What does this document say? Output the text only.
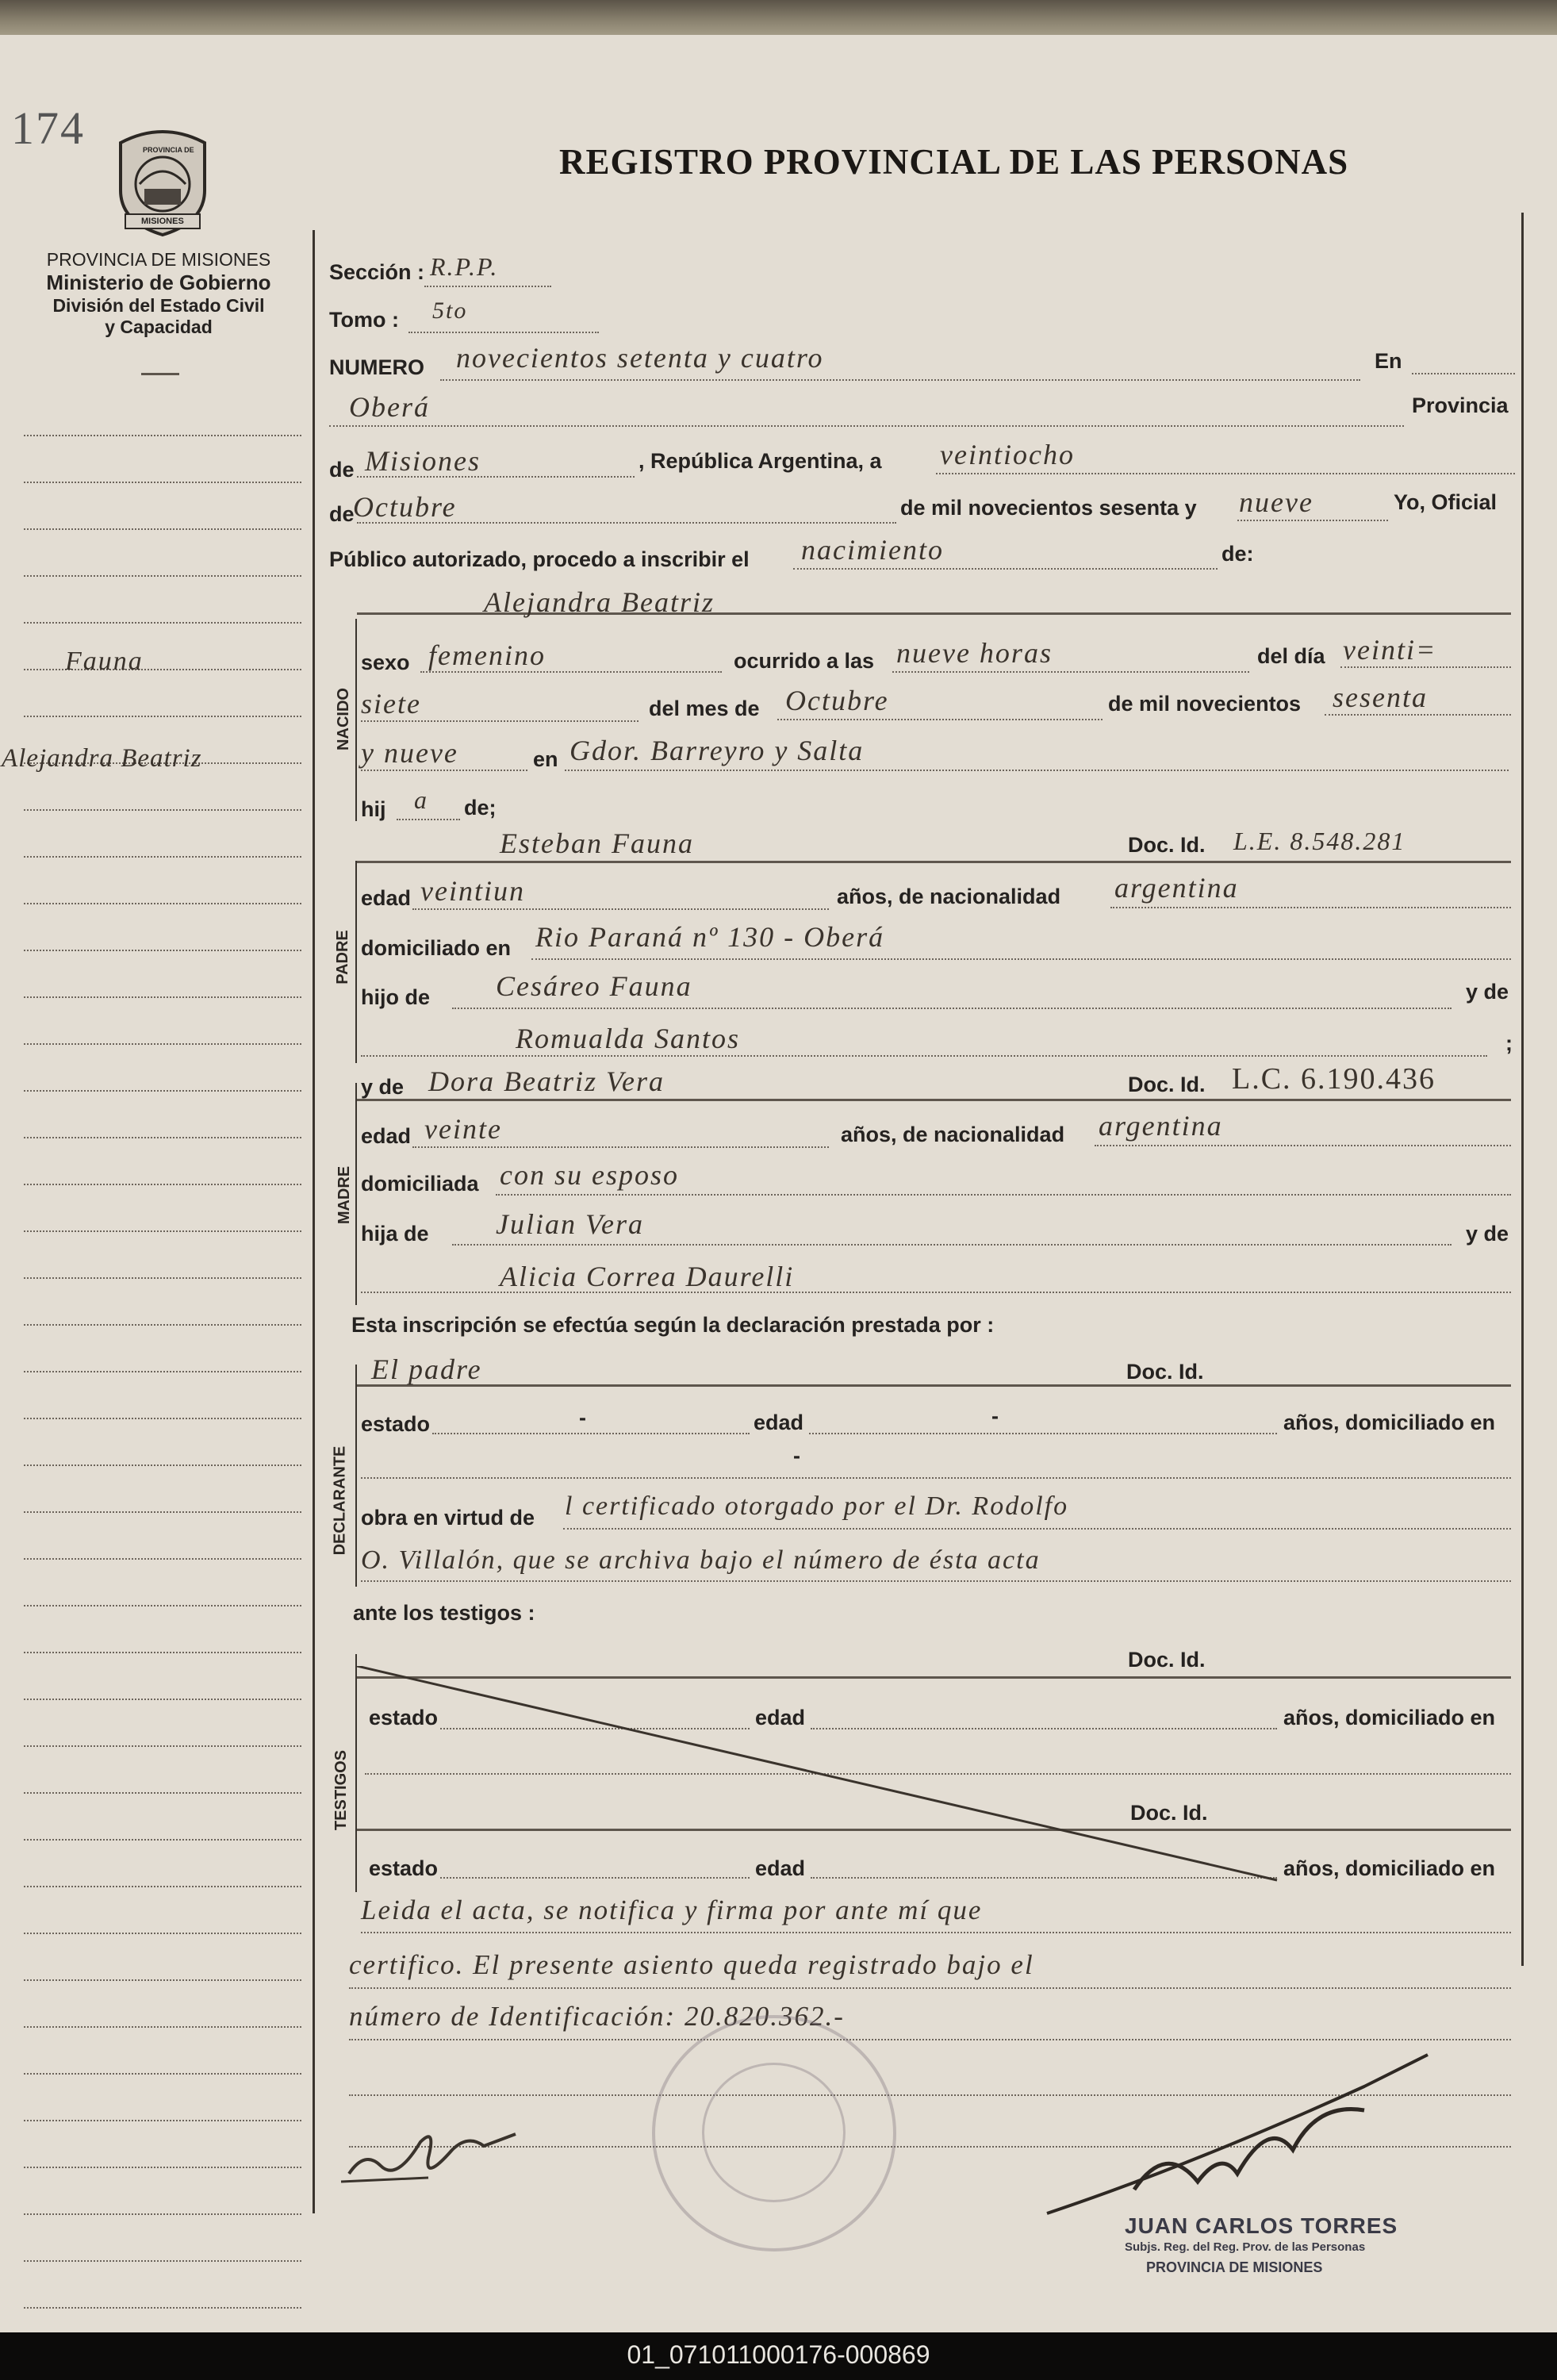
174	PROVINCIA DE
MISIONES
PROVINCIA DE MISIONES
Ministerio de Gobierno
División del Estado Civil
y Capacidad
REGISTRO PROVINCIAL DE LAS PERSONAS
Fauna
Alejandra Beatriz
NACIDO
PADRE
MADRE
DECLARANTE
TESTIGOS
Sección : R.P.P.
Tomo : 5to
NUMERO novecientos setenta y cuatro	En
Oberá	Provincia
de Misiones	, República Argentina, a veintiocho
de
Octubre	de mil novecientos sesenta y nueve	Yo, Oficial
Público autorizado, procedo a inscribir el nacimiento	de:
Alejandra Beatriz
sexo femenino	ocurrido a las nueve horas	del día veinti=
siete	del mes de Octubre	de mil novecientos sesenta
y nueve	en Gdor. Barreyro y Salta
hij a de;
Esteban Fauna	Doc. Id. L.E. 8.548.281
edad veintiun	años, de nacionalidad argentina
domiciliado en Rio Paraná nº 130 - Oberá
hijo de Cesáreo Fauna	y de
Romualda Santos	;
y de Dora Beatriz Vera	Doc. Id. L.C. 6.190.436
edad veinte	años, de nacionalidad argentina
domiciliada con su esposo
hija de Julian Vera	y de
Alicia Correa Daurelli
Esta inscripción se efectúa según la declaración prestada por :
El padre	Doc. Id.
estado	-	edad	-	años, domiciliado en
-
obra en virtud de l certificado otorgado por el Dr. Rodolfo
O. Villalón, que se archiva bajo el número de ésta acta
ante los testigos :
Doc. Id.
estado	edad	años, domiciliado en
Doc. Id.
estado	edad	años, domiciliado en
Leida el acta, se notifica y firma por ante mí que
certifico. El presente asiento queda registrado bajo el
número de Identificación: 20.820.362.-
JUAN CARLOS TORRES
Subjs. Reg. del Reg. Prov. de las Personas
PROVINCIA DE MISIONES
01_071011000176-000869
